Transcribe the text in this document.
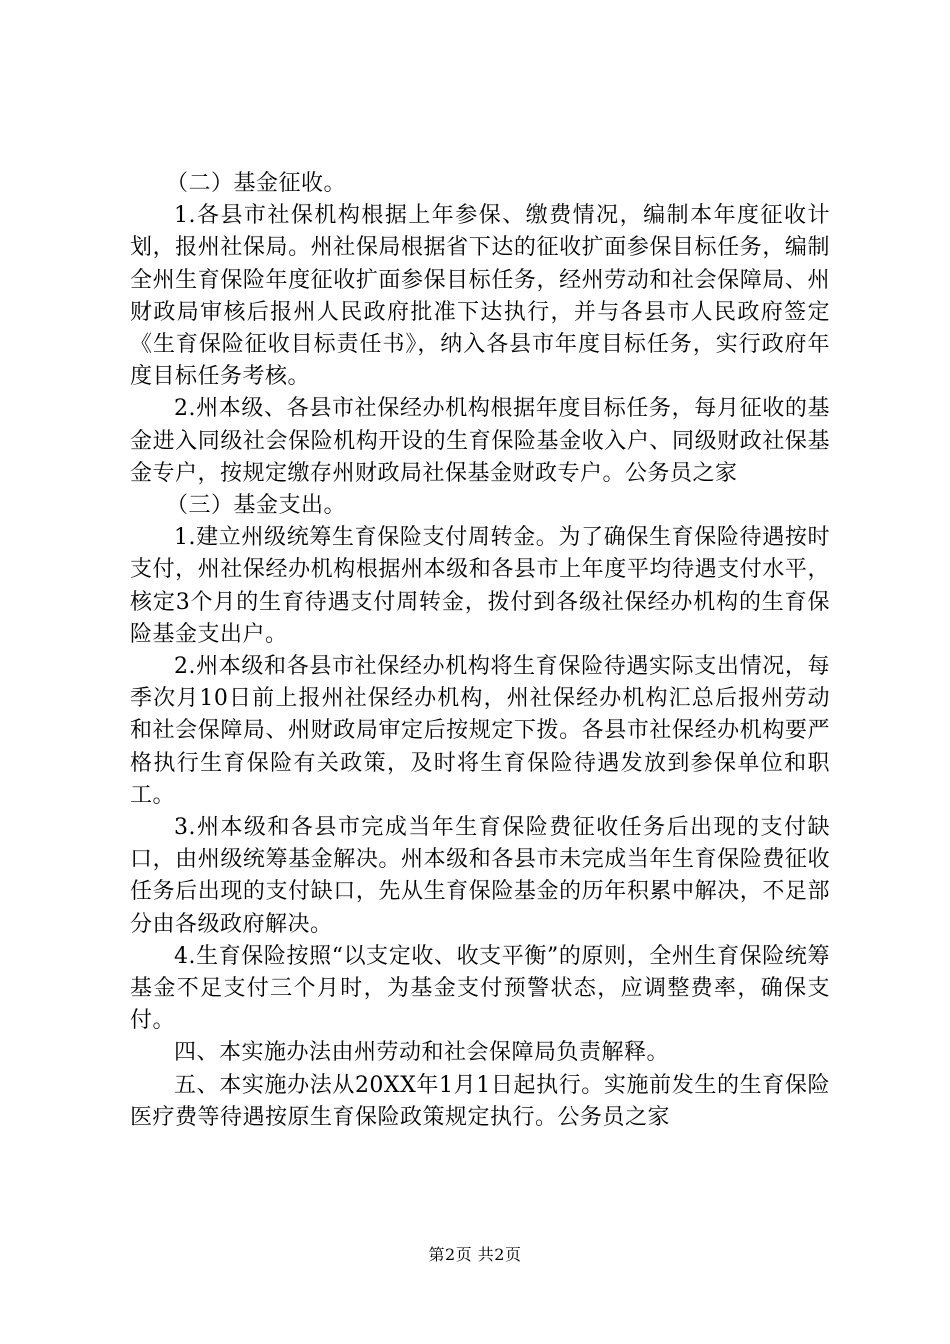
（二）基金征收。

1.各县市社保机构根据上年参保、缴费情况，编制本年度征收计划，报州社保局。州社保局根据省下达的征收扩面参保目标任务，编制全州生育保险年度征收扩面参保目标任务，经州劳动和社会保障局、州财政局审核后报州人民政府批准下达执行，并与各县市人民政府签定《生育保险征收目标责任书》，纳入各县市年度目标任务，实行政府年度目标任务考核。

2.州本级、各县市社保经办机构根据年度目标任务，每月征收的基金进入同级社会保险机构开设的生育保险基金收入户、同级财政社保基金专户，按规定缴存州财政局社保基金财政专户。公务员之家

（三）基金支出。

1.建立州级统筹生育保险支付周转金。为了确保生育保险待遇按时支付，州社保经办机构根据州本级和各县市上年度平均待遇支付水平，核定3个月的生育待遇支付周转金，拨付到各级社保经办机构的生育保险基金支出户。

2.州本级和各县市社保经办机构将生育保险待遇实际支出情况，每季次月10日前上报州社保经办机构，州社保经办机构汇总后报州劳动和社会保障局、州财政局审定后按规定下拨。各县市社保经办机构要严格执行生育保险有关政策，及时将生育保险待遇发放到参保单位和职工。

3.州本级和各县市完成当年生育保险费征收任务后出现的支付缺口，由州级统筹基金解决。州本级和各县市未完成当年生育保险费征收任务后出现的支付缺口，先从生育保险基金的历年积累中解决，不足部分由各级政府解决。

4.生育保险按照“以支定收、收支平衡”的原则，全州生育保险统筹基金不足支付三个月时，为基金支付预警状态，应调整费率，确保支付。

四、本实施办法由州劳动和社会保障局负责解释。

五、本实施办法从20XX年1月1日起执行。实施前发生的生育保险医疗费等待遇按原生育保险政策规定执行。公务员之家

第2页 共2页
